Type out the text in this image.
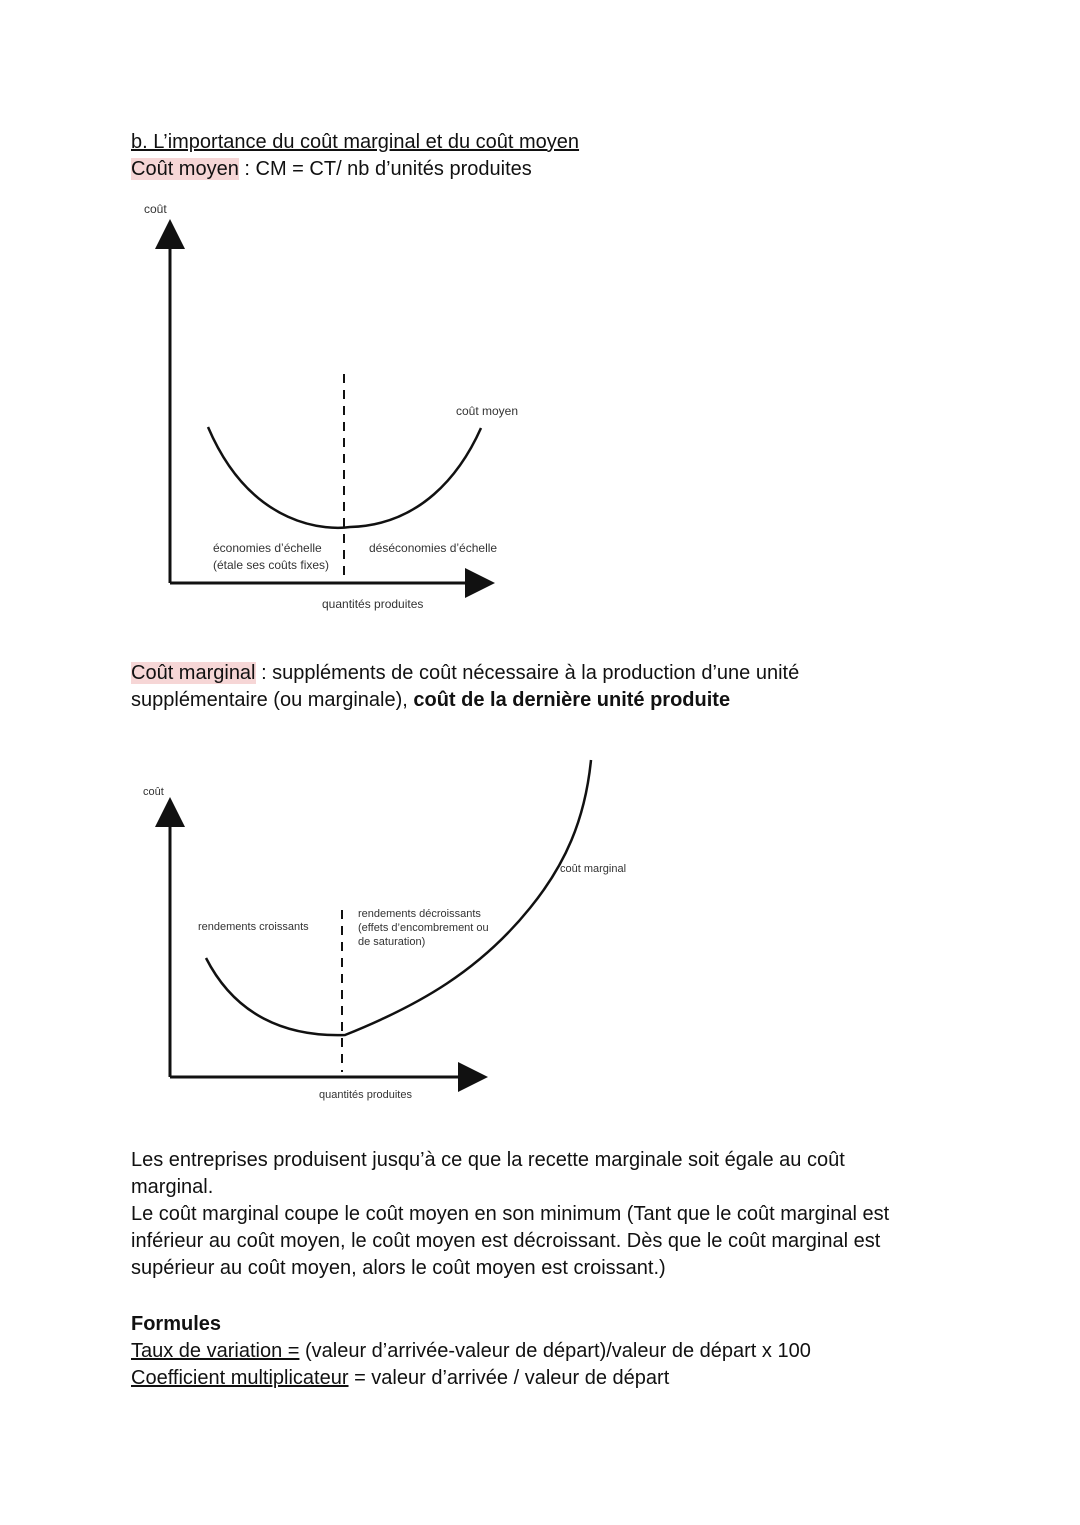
b. L’importance du coût marginal et du coût moyen
Coût moyen : CM = CT/ nb d’unités produites
coût
coût moyen
économies d’échelle
(étale ses coûts fixes)
déséconomies d’échelle
quantités produites
Coût marginal : suppléments de coût nécessaire à la production d’une unité
supplémentaire (ou marginale), coût de la dernière unité produite
coût
coût marginal
rendements croissants
rendements décroissants
(effets d’encombrement ou
de saturation)
quantités produites
Les entreprises produisent jusqu’à ce que la recette marginale soit égale au coût
marginal.
Le coût marginal coupe le coût moyen en son minimum (Tant que le coût marginal est
inférieur au coût moyen, le coût moyen est décroissant. Dès que le coût marginal est
supérieur au coût moyen, alors le coût moyen est croissant.)
Formules
Taux de variation = (valeur d’arrivée-valeur de départ)/valeur de départ x 100
Coefficient multiplicateur = valeur d’arrivée / valeur de départ
